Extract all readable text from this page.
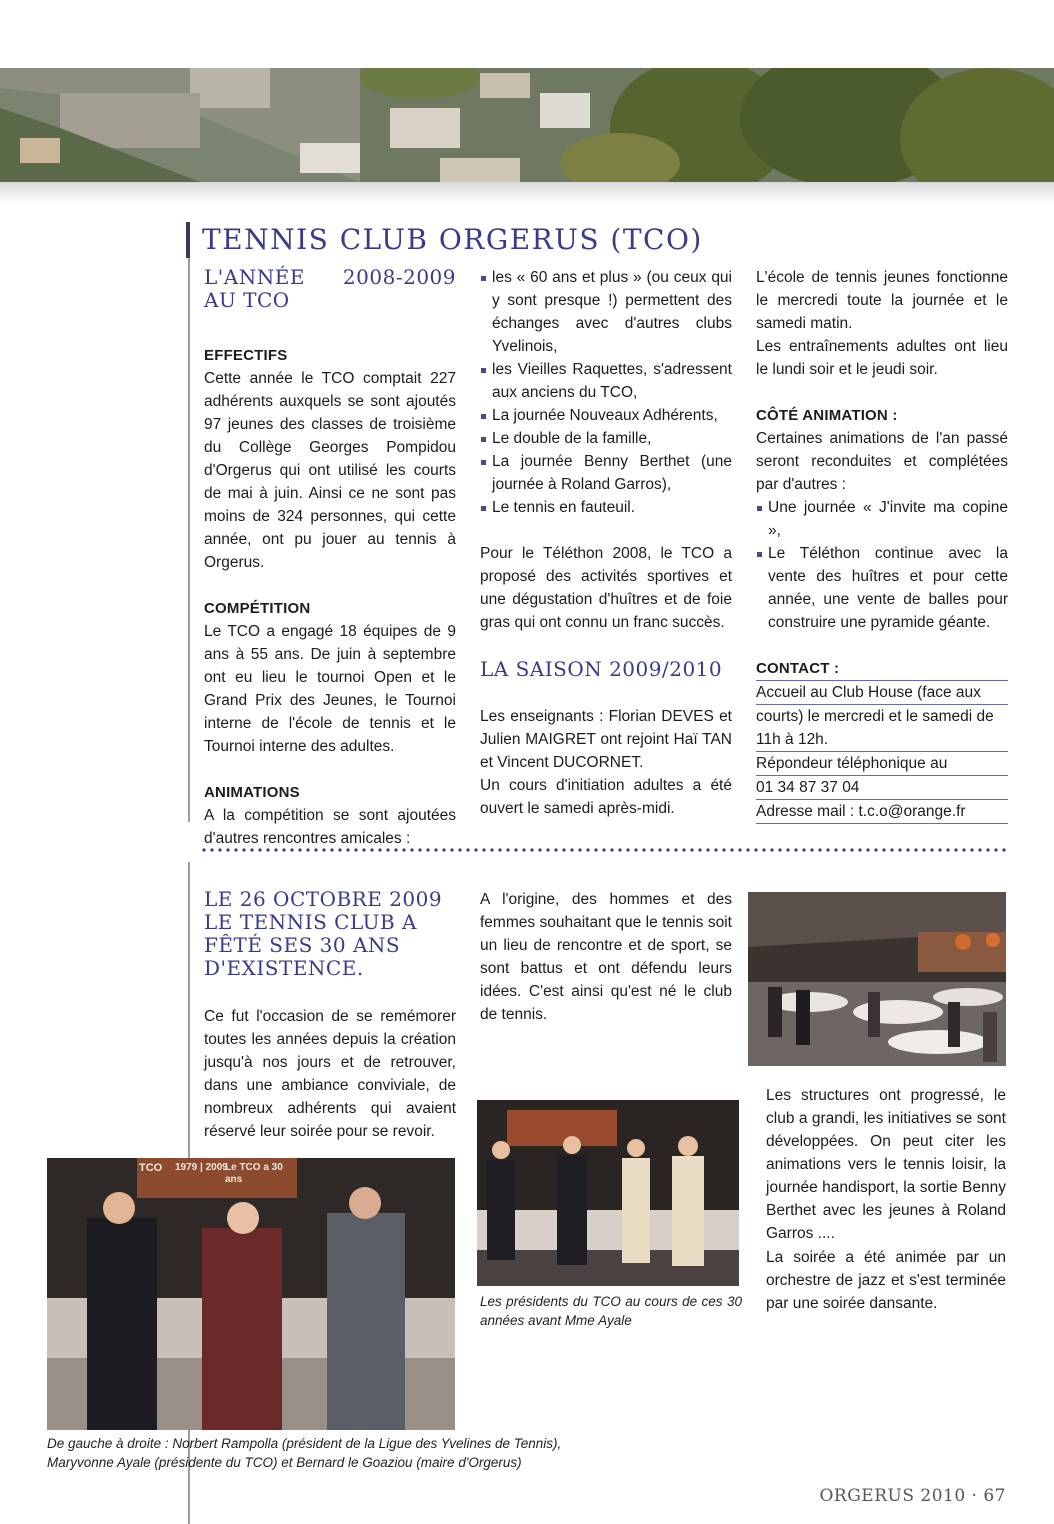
TENNIS CLUB ORGERUS (TCO)
L'ANNÉE 2008-2009 AU TCO

EFFECTIFS

Cette année le TCO comptait 227 adhérents auxquels se sont ajoutés 97 jeunes des classes de troisième du Collège Georges Pompidou d'Orgerus qui ont utilisé les courts de mai à juin. Ainsi ce ne sont pas moins de 324 personnes, qui cette année, ont pu jouer au tennis à Orgerus.

COMPÉTITION

Le TCO a engagé 18 équipes de 9 ans à 55 ans. De juin à septembre ont eu lieu le tournoi Open et le Grand Prix des Jeunes, le Tournoi interne de l'école de tennis et le Tournoi interne des adultes.

ANIMATIONS

A la compétition se sont ajoutées d'autres rencontres amicales :

les « 60 ans et plus » (ou ceux qui y sont presque !) permettent des échanges avec d'autres clubs Yvelinois,
les Vieilles Raquettes, s'adressent aux anciens du TCO,
La journée Nouveaux Adhérents,
Le double de la famille,
La journée Benny Berthet (une journée à Roland Garros),
Le tennis en fauteuil.

Pour le Téléthon 2008, le TCO a proposé des activités sportives et une dégustation d'huîtres et de foie gras qui ont connu un franc succès.

LA SAISON 2009/2010

Les enseignants : Florian DEVES et Julien MAIGRET ont rejoint Haï TAN et Vincent DUCORNET.

Un cours d'initiation adultes a été ouvert le samedi après-midi.

L'école de tennis jeunes fonctionne le mercredi toute la journée et le samedi matin.

Les entraînements adultes ont lieu le lundi soir et le jeudi soir.

CÔTÉ ANIMATION :

Certaines animations de l'an passé seront reconduites et complétées par d'autres :

Une journée « J'invite ma copine »,
Le Téléthon continue avec la vente des huîtres et pour cette année, une vente de balles pour construire une pyramide géante.

CONTACT :

Accueil au Club House (face aux
courts) le mercredi et le samedi de
11h à 12h.
Répondeur téléphonique au
01 34 87 37 04
Adresse mail : t.c.o@orange.fr
LE 26 OCTOBRE 2009 LE TENNIS CLUB A FÊTÉ SES 30 ANS D'EXISTENCE.
Ce fut l'occasion de se remémorer toutes les années depuis la création jusqu'à nos jours et de retrouver, dans une ambiance conviviale, de nombreux adhérents qui avaient réservé leur soirée pour se revoir.
A l'origine, des hommes et des femmes souhaitant que le tennis soit un lieu de rencontre et de sport, se sont battus et ont défendu leurs idées. C'est ainsi qu'est né le club de tennis.
Les structures ont progressé, le club a grandi, les initiatives se sont développées. On peut citer les animations vers le tennis loisir, la journée handisport, la sortie Benny Berthet avec les jeunes à Roland Garros ....
La soirée a été animée par un orchestre de jazz et s'est terminée par une soirée dansante.
Les présidents du TCO au cours de ces 30 années avant Mme Ayale
TCO 1979 | 2009
Le TCO a 30 ans
De gauche à droite : Norbert Rampolla (président de la Ligue des Yvelines de Tennis), Maryvonne Ayale (présidente du TCO) et Bernard le Goaziou (maire d'Orgerus)
ORGERUS 2010 · 67
